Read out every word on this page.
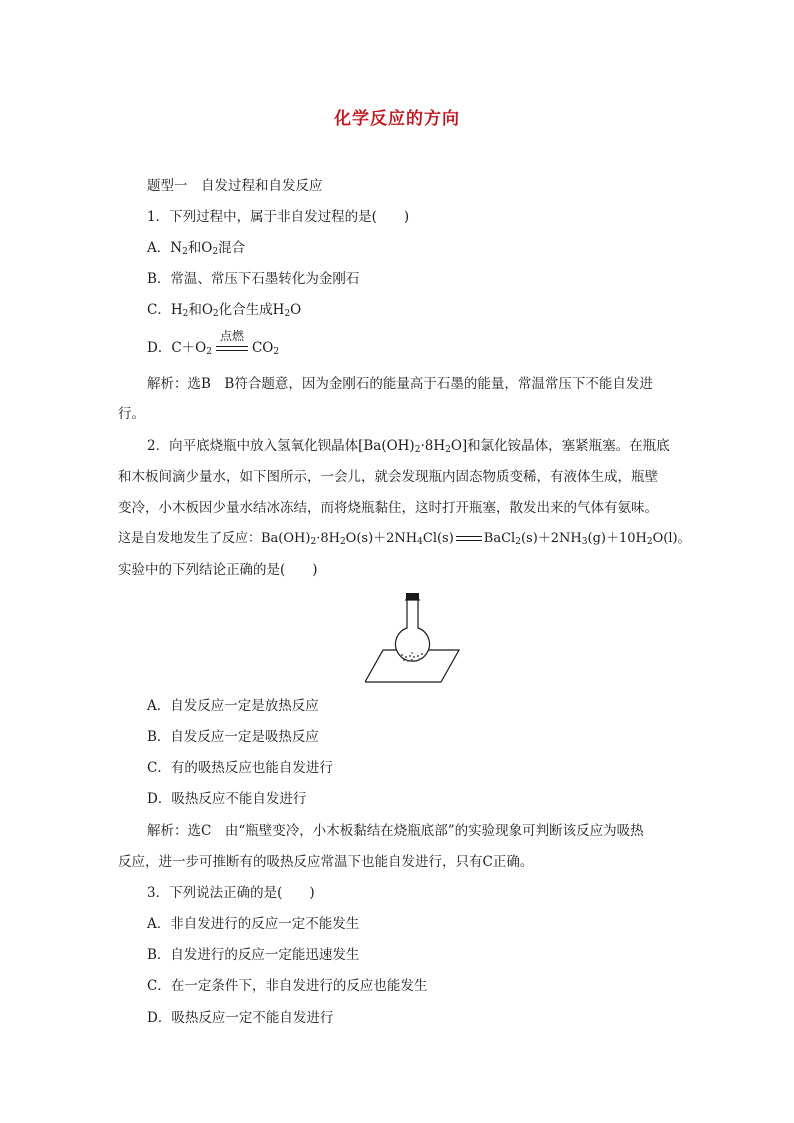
化学反应的方向
题型一　自发过程和自发反应
1．下列过程中，属于非自发过程的是(　　)
A．$N_2$和$O_2$混合
B．常温、常压下石墨转化为金刚石
C．$H_2$和$O_2$化合生成$H_2O$
D．$C+O_2$
点燃
$CO_2$
解析：选B　B符合题意，因为金刚石的能量高于石墨的能量，常温常压下不能自发进
行。
2．向平底烧瓶中放入氢氧化钡晶体$[Ba(OH)_2\cdot 8H_2O]$和氯化铵晶体，塞紧瓶塞。在瓶底
和木板间滴少量水，如下图所示，一会儿，就会发现瓶内固态物质变稀，有液体生成，瓶壁
变冷，小木板因少量水结冰冻结，而将烧瓶黏住，这时打开瓶塞，散发出来的气体有氨味。
这是自发地发生了反应：$Ba(OH)_2\cdot 8H_2O(s)+2NH_4Cl(s)$ $BaCl_2(s)+2NH_3(g)+10H_2O(l)$。
实验中的下列结论正确的是(　　)
A．自发反应一定是放热反应
B．自发反应一定是吸热反应
C．有的吸热反应也能自发进行
D．吸热反应不能自发进行
解析：选C　由“瓶壁变冷，小木板黏结在烧瓶底部”的实验现象可判断该反应为吸热
反应，进一步可推断有的吸热反应常温下也能自发进行，只有C正确。
3．下列说法正确的是(　　)
A．非自发进行的反应一定不能发生
B．自发进行的反应一定能迅速发生
C．在一定条件下，非自发进行的反应也能发生
D．吸热反应一定不能自发进行
